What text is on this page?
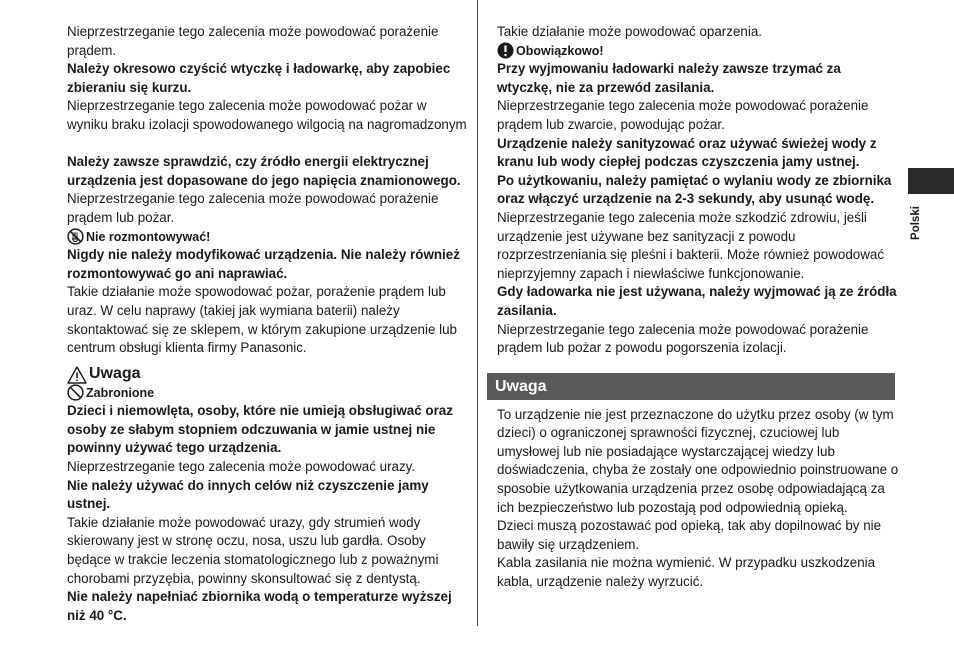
Nieprzestrzeganie tego zalecenia może powodować porażenie prądem.

Należy okresowo czyścić wtyczkę i ładowarkę, aby zapobiec zbieraniu się kurzu.

Nieprzestrzeganie tego zalecenia może powodować pożar w wyniku braku izolacji spowodowanego wilgocią na nagromadzonym

Należy zawsze sprawdzić, czy źródło energii elektrycznej urządzenia jest dopasowane do jego napięcia znamionowego.

Nieprzestrzeganie tego zalecenia może powodować porażenie prądem lub pożar.

Nie rozmontowywać!

Nigdy nie należy modyfikować urządzenia. Nie należy również rozmontowywać go ani naprawiać.

Takie działanie może spowodować pożar, porażenie prądem lub uraz. W celu naprawy (takiej jak wymiana baterii) należy skontaktować się ze sklepem, w którym zakupione urządzenie lub centrum obsługi klienta firmy Panasonic.

Uwaga
Zabronione

Dzieci i niemowlęta, osoby, które nie umieją obsługiwać oraz osoby ze słabym stopniem odczuwania w jamie ustnej nie powinny używać tego urządzenia.

Nieprzestrzeganie tego zalecenia może powodować urazy.

Nie należy używać do innych celów niż czyszczenie jamy ustnej.

Takie działanie może powodować urazy, gdy strumień wody skierowany jest w stronę oczu, nosa, uszu lub gardła. Osoby będące w trakcie leczenia stomatologicznego lub z poważnymi chorobami przyzębia, powinny skonsultować się z dentystą.

Nie należy napełniać zbiornika wodą o temperaturze wyższej niż 40 °C.

Takie działanie może powodować oparzenia.

Obowiązkowo!

Przy wyjmowaniu ładowarki należy zawsze trzymać za wtyczkę, nie za przewód zasilania.

Nieprzestrzeganie tego zalecenia może powodować porażenie prądem lub zwarcie, powodując pożar.

Urządzenie należy sanityzować oraz używać świeżej wody z kranu lub wody ciepłej podczas czyszczenia jamy ustnej.

Po użytkowaniu, należy pamiętać o wylaniu wody ze zbiornika oraz włączyć urządzenie na 2-3 sekundy, aby usunąć wodę.

Nieprzestrzeganie tego zalecenia może szkodzić zdrowiu, jeśli urządzenie jest używane bez sanityzacji z powodu rozprzestrzeniania się pleśni i bakterii. Może również powodować nieprzyjemny zapach i niewłaściwe funkcjonowanie.

Gdy ładowarka nie jest używana, należy wyjmować ją ze źródła zasilania.

Nieprzestrzeganie tego zalecenia może powodować porażenie prądem lub pożar z powodu pogorszenia izolacji.

Uwaga

To urządzenie nie jest przeznaczone do użytku przez osoby (w tym dzieci) o ograniczonej sprawności fizycznej, czuciowej lub umysłowej lub nie posiadające wystarczającej wiedzy lub doświadczenia, chyba że zostały one odpowiednio poinstruowane o sposobie użytkowania urządzenia przez osobę odpowiadającą za ich bezpieczeństwo lub pozostają pod odpowiednią opieką.

Dzieci muszą pozostawać pod opieką, tak aby dopilnować by nie bawiły się urządzeniem.

Kabla zasilania nie można wymienić. W przypadku uszkodzenia kabla, urządzenie należy wyrzucić.

Polski
